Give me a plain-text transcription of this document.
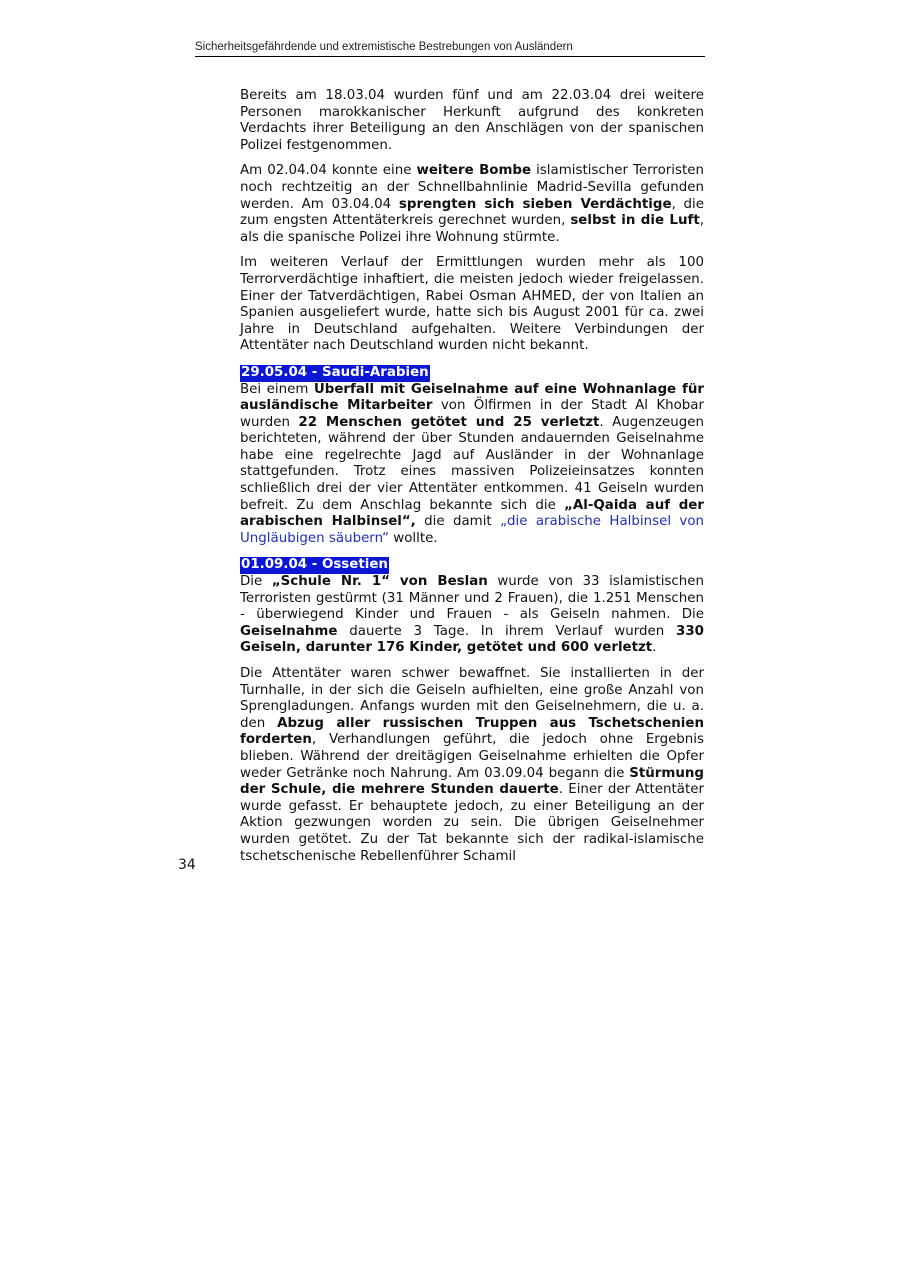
Sicherheitsgefährdende und extremistische Bestrebungen von Ausländern

Bereits am 18.03.04 wurden fünf und am 22.03.04 drei weitere Personen marokkanischer Herkunft aufgrund des konkreten Verdachts ihrer Beteiligung an den Anschlägen von der spanischen Polizei festgenommen.

Am 02.04.04 konnte eine weitere Bombe islamistischer Terroristen noch rechtzeitig an der Schnellbahnlinie Madrid-Sevilla gefunden werden. Am 03.04.04 sprengten sich sieben Verdächtige, die zum engsten Attentäterkreis gerechnet wurden, selbst in die Luft, als die spanische Polizei ihre Wohnung stürmte.

Im weiteren Verlauf der Ermittlungen wurden mehr als 100 Terrorverdächtige inhaftiert, die meisten jedoch wieder freigelassen. Einer der Tatverdächtigen, Rabei Osman AHMED, der von Italien an Spanien ausgeliefert wurde, hatte sich bis August 2001 für ca. zwei Jahre in Deutschland aufgehalten. Weitere Verbindungen der Attentäter nach Deutschland wurden nicht bekannt.

29.05.04 - Saudi-Arabien

Bei einem Überfall mit Geiselnahme auf eine Wohnanlage für ausländische Mitarbeiter von Ölfirmen in der Stadt Al Khobar wurden 22 Menschen getötet und 25 verletzt. Augenzeugen berichteten, während der über Stunden andauernden Geiselnahme habe eine regelrechte Jagd auf Ausländer in der Wohnanlage stattgefunden. Trotz eines massiven Polizeieinsatzes konnten schließlich drei der vier Attentäter entkommen. 41 Geiseln wurden befreit. Zu dem Anschlag bekannte sich die „Al-Qaida auf der arabischen Halbinsel“, die damit „die arabische Halbinsel von Ungläubigen säubern“ wollte.

01.09.04 - Ossetien

Die „Schule Nr. 1“ von Beslan wurde von 33 islamistischen Terroristen gestürmt (31 Männer und 2 Frauen), die 1.251 Menschen - überwiegend Kinder und Frauen - als Geiseln nahmen. Die Geiselnahme dauerte 3 Tage. In ihrem Verlauf wurden 330 Geiseln, darunter 176 Kinder, getötet und 600 verletzt.

Die Attentäter waren schwer bewaffnet. Sie installierten in der Turnhalle, in der sich die Geiseln aufhielten, eine große Anzahl von Sprengladungen. Anfangs wurden mit den Geiselnehmern, die u. a. den Abzug aller russischen Truppen aus Tschetschenien forderten, Verhandlungen geführt, die jedoch ohne Ergebnis blieben. Während der dreitägigen Geiselnahme erhielten die Opfer weder Getränke noch Nahrung. Am 03.09.04 begann die Stürmung der Schule, die mehrere Stunden dauerte. Einer der Attentäter wurde gefasst. Er behauptete jedoch, zu einer Beteiligung an der Aktion gezwungen worden zu sein. Die übrigen Geiselnehmer wurden getötet. Zu der Tat bekannte sich der radikal-islamische tschetschenische Rebellenführer Schamil

34
